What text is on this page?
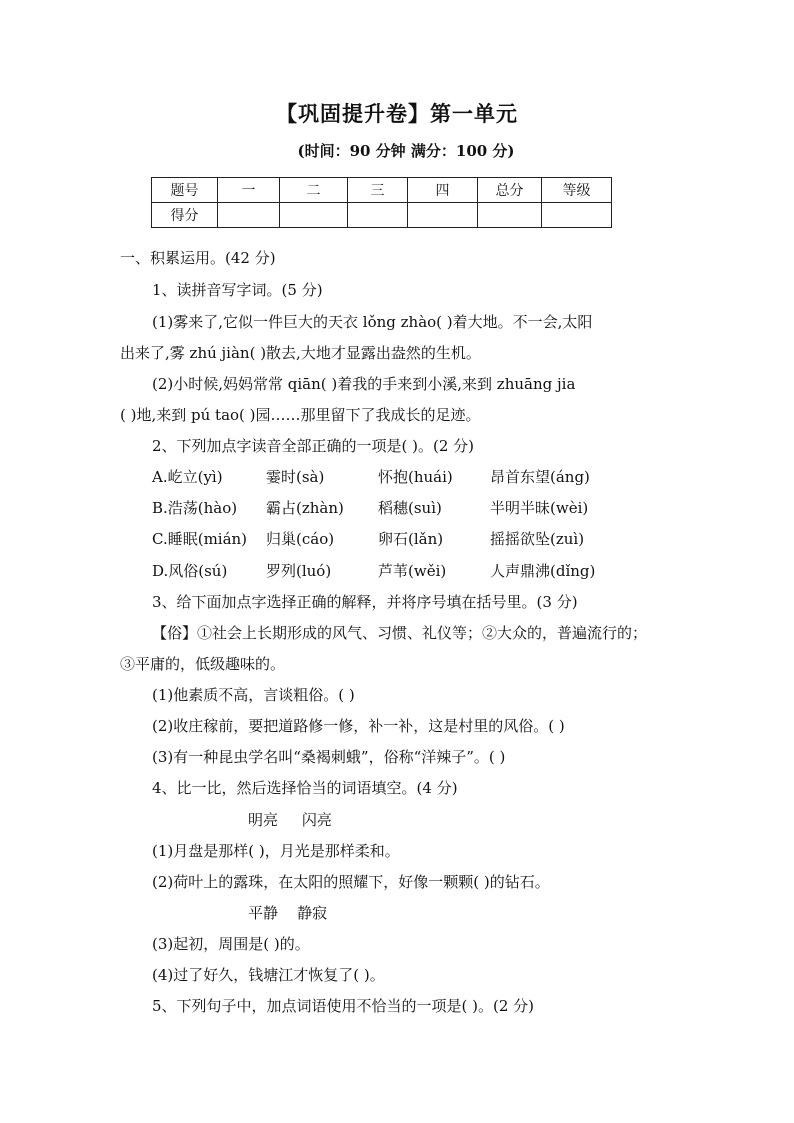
【巩固提升卷】第一单元
(时间：90 分钟 满分：100 分)
题号	一	二	三	四	总分	等级
得分						
一、积累运用。(42 分)
1、读拼音写字词。(5 分)
(1)雾来了,它似一件巨大的天衣 lǒng zhào( )着大地。不一会,太阳
出来了,雾 zhú jiàn( )散去,大地才显露出盎然的生机。
(2)小时候,妈妈常常 qiān( )着我的手来到小溪,来到 zhuāng jia
( )地,来到 pú tao( )园……那里留下了我成长的足迹。
2、下列加点字读音全部正确的一项是( )。(2 分)
A.屹立(yì)	霎时(sà)	怀抱(huái) 昂首东望(áng)
B.浩荡(hào) 霸占(zhàn) 稻穗(suì)	半明半昧(wèi)
C.睡眠(mián) 归巢(cáo)	卵石(lǎn)	摇摇欲坠(zuì)
D.风俗(sú)	罗列(luó)	芦苇(wěi)	人声鼎沸(dǐng)
3、给下面加点字选择正确的解释，并将序号填在括号里。(3 分)
【俗】①社会上长期形成的风气、习惯、礼仪等；②大众的，普遍流行的；
③平庸的，低级趣味的。
(1)他素质不高，言谈粗俗。( )
(2)收庄稼前，要把道路修一修，补一补，这是村里的风俗。( )
(3)有一种昆虫学名叫“桑褐刺蛾”，俗称“洋辣子”。( )
4、比一比，然后选择恰当的词语填空。(4 分)
明亮     闪亮
(1)月盘是那样( )，月光是那样柔和。
(2)荷叶上的露珠，在太阳的照耀下，好像一颗颗( )的钻石。
平静    静寂
(3)起初，周围是( )的。
(4)过了好久，钱塘江才恢复了( )。
5、下列句子中，加点词语使用不恰当的一项是( )。(2 分)
